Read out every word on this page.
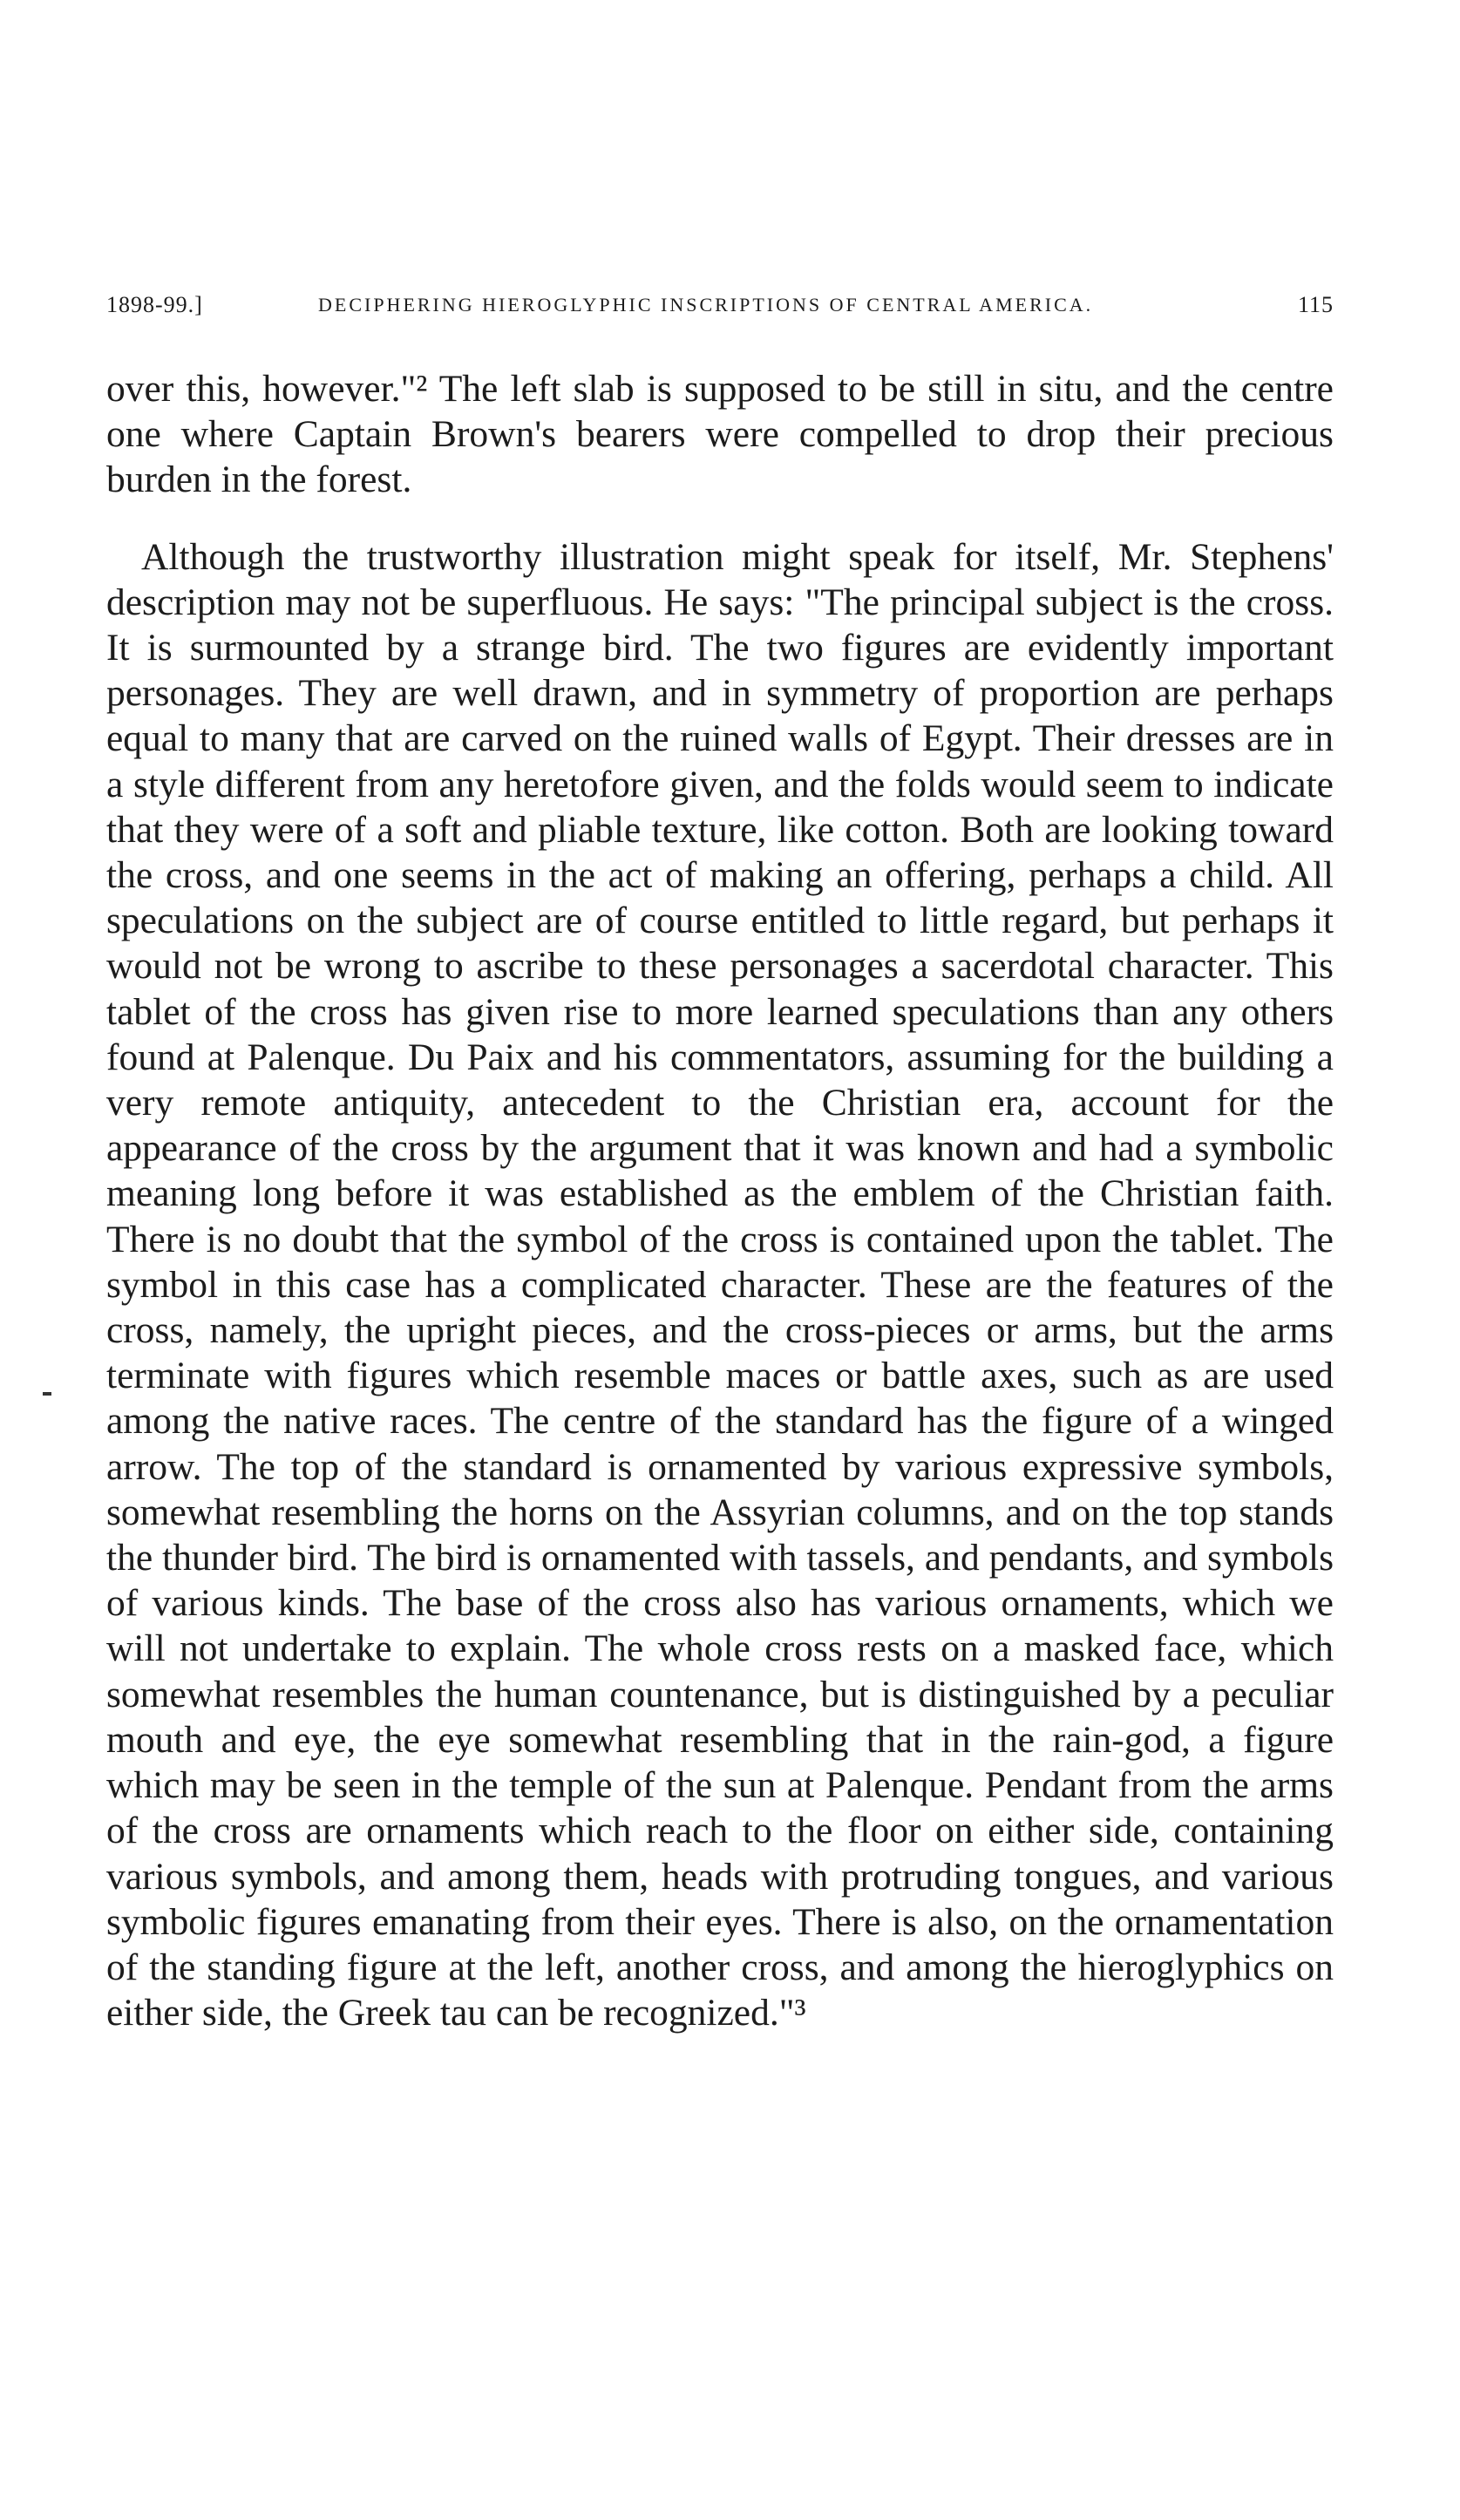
1898-99.]	DECIPHERING HIEROGLYPHIC INSCRIPTIONS OF CENTRAL AMERICA.	115

over this, however."² The left slab is supposed to be still in situ, and the centre one where Captain Brown's bearers were compelled to drop their precious burden in the forest.

Although the trustworthy illustration might speak for itself, Mr. Stephens' description may not be superfluous. He says: "The principal subject is the cross. It is surmounted by a strange bird. The two figures are evidently important personages. They are well drawn, and in symmetry of proportion are perhaps equal to many that are carved on the ruined walls of Egypt. Their dresses are in a style different from any heretofore given, and the folds would seem to indicate that they were of a soft and pliable texture, like cotton. Both are looking toward the cross, and one seems in the act of making an offering, perhaps a child. All speculations on the subject are of course entitled to little regard, but perhaps it would not be wrong to ascribe to these personages a sacerdotal character. This tablet of the cross has given rise to more learned speculations than any others found at Palenque. Du Paix and his commentators, assuming for the building a very remote antiquity, antecedent to the Christian era, account for the appearance of the cross by the argument that it was known and had a symbolic meaning long before it was established as the emblem of the Christian faith. There is no doubt that the symbol of the cross is contained upon the tablet. The symbol in this case has a complicated character. These are the features of the cross, namely, the upright pieces, and the cross-pieces or arms, but the arms terminate with figures which resemble maces or battle axes, such as are used among the native races. The centre of the standard has the figure of a winged arrow. The top of the standard is ornamented by various expressive symbols, somewhat resembling the horns on the Assyrian columns, and on the top stands the thunder bird. The bird is ornamented with tassels, and pendants, and symbols of various kinds. The base of the cross also has various ornaments, which we will not undertake to explain. The whole cross rests on a masked face, which somewhat resembles the human countenance, but is distinguished by a peculiar mouth and eye, the eye somewhat resembling that in the rain-god, a figure which may be seen in the temple of the sun at Palenque. Pendant from the arms of the cross are ornaments which reach to the floor on either side, containing various symbols, and among them, heads with protruding tongues, and various symbolic figures emanating from their eyes. There is also, on the ornamentation of the standing figure at the left, another cross, and among the hieroglyphics on either side, the Greek tau can be recognized."³
